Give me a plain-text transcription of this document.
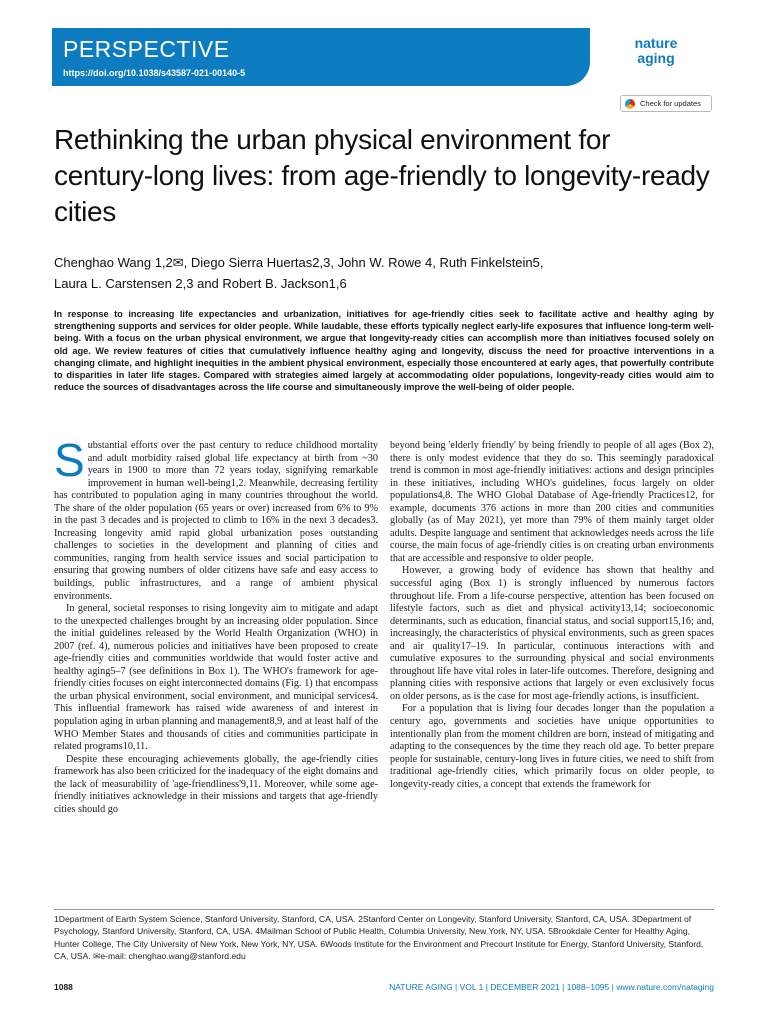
PERSPECTIVE
https://doi.org/10.1038/s43587-021-00140-5
nature
aging
Check for updates
Rethinking the urban physical environment for century-long lives: from age-friendly to longevity-ready cities
Chenghao Wang 1,2✉, Diego Sierra Huertas2,3, John W. Rowe 4, Ruth Finkelstein5,
Laura L. Carstensen 2,3 and Robert B. Jackson1,6

In response to increasing life expectancies and urbanization, initiatives for age-friendly cities seek to facilitate active and healthy aging by strengthening supports and services for older people. While laudable, these efforts typically neglect early-life exposures that influence long-term well-being. With a focus on the urban physical environment, we argue that longevity-ready cities can accomplish more than initiatives focused solely on old age. We review features of cities that cumulatively influence healthy aging and longevity, discuss the need for proactive interventions in a changing climate, and highlight inequities in the ambient physical environment, especially those encountered at early ages, that powerfully contribute to disparities in later life stages. Compared with strategies aimed largely at accommodating older populations, longevity-ready cities would aim to reduce the sources of disadvantages across the life course and simultaneously improve the well-being of older people.

Substantial efforts over the past century to reduce childhood mortality and adult morbidity raised global life expectancy at birth from ~30 years in 1900 to more than 72 years today, signifying remarkable improvement in human well-being1,2. Meanwhile, decreasing fertility has contributed to population aging in many countries throughout the world. The share of the older population (65 years or over) increased from 6% to 9% in the past 3 decades and is projected to climb to 16% in the next 3 decades3. Increasing longevity amid rapid global urbanization poses outstanding challenges to societies in the development and planning of cities and communities, ranging from health service issues and social participation to ensuring that growing numbers of older citizens have safe and easy access to buildings, public infrastructures, and a range of ambient physical environments.

In general, societal responses to rising longevity aim to mitigate and adapt to the unexpected challenges brought by an increasing older population. Since the initial guidelines released by the World Health Organization (WHO) in 2007 (ref. 4), numerous policies and initiatives have been proposed to create age-friendly cities and communities worldwide that would foster active and healthy aging5–7 (see definitions in Box 1). The WHO's framework for age-friendly cities focuses on eight interconnected domains (Fig. 1) that encompass the urban physical environment, social environment, and municipal services4. This influential framework has raised wide awareness of and interest in population aging in urban planning and management8,9, and at least half of the WHO Member States and thousands of cities and communities participate in related programs10,11.

Despite these encouraging achievements globally, the age-friendly cities framework has also been criticized for the inadequacy of the eight domains and the lack of measurability of 'age-friendliness'9,11. Moreover, while some age-friendly initiatives acknowledge in their missions and targets that age-friendly cities should go

beyond being 'elderly friendly' by being friendly to people of all ages (Box 2), there is only modest evidence that they do so. This seemingly paradoxical trend is common in most age-friendly initiatives: actions and design principles in these initiatives, including WHO's guidelines, focus largely on older populations4,8. The WHO Global Database of Age-friendly Practices12, for example, documents 376 actions in more than 200 cities and communities globally (as of May 2021), yet more than 79% of them mainly target older adults. Despite language and sentiment that acknowledges needs across the life course, the main focus of age-friendly cities is on creating urban environments that are accessible and responsive to older people.

However, a growing body of evidence has shown that healthy and successful aging (Box 1) is strongly influenced by numerous factors throughout life. From a life-course perspective, attention has been focused on lifestyle factors, such as diet and physical activity13,14; socioeconomic determinants, such as education, financial status, and social support15,16; and, increasingly, the characteristics of physical environments, such as green spaces and air quality17–19. In particular, continuous interactions with and cumulative exposures to the surrounding physical and social environments throughout life have vital roles in later-life outcomes. Therefore, designing and planning cities with responsive actions that largely or even exclusively focus on older persons, as is the case for most age-friendly actions, is insufficient.

For a population that is living four decades longer than the population a century ago, governments and societies have unique opportunities to intentionally plan from the moment children are born, instead of mitigating and adapting to the consequences by the time they reach old age. To better prepare people for sustainable, century-long lives in future cities, we need to shift from traditional age-friendly cities, which primarily focus on older people, to longevity-ready cities, a concept that extends the framework for

1Department of Earth System Science, Stanford University, Stanford, CA, USA. 2Stanford Center on Longevity, Stanford University, Stanford, CA, USA. 3Department of Psychology, Stanford University, Stanford, CA, USA. 4Mailman School of Public Health, Columbia University, New York, NY, USA. 5Brookdale Center for Healthy Aging, Hunter College, The City University of New York, New York, NY, USA. 6Woods Institute for the Environment and Precourt Institute for Energy, Stanford University, Stanford, CA, USA. ✉e-mail: chenghao.wang@stanford.edu

1088	NATURE AGING | VOL 1 | DECEMBER 2021 | 1088–1095 | www.nature.com/nataging
